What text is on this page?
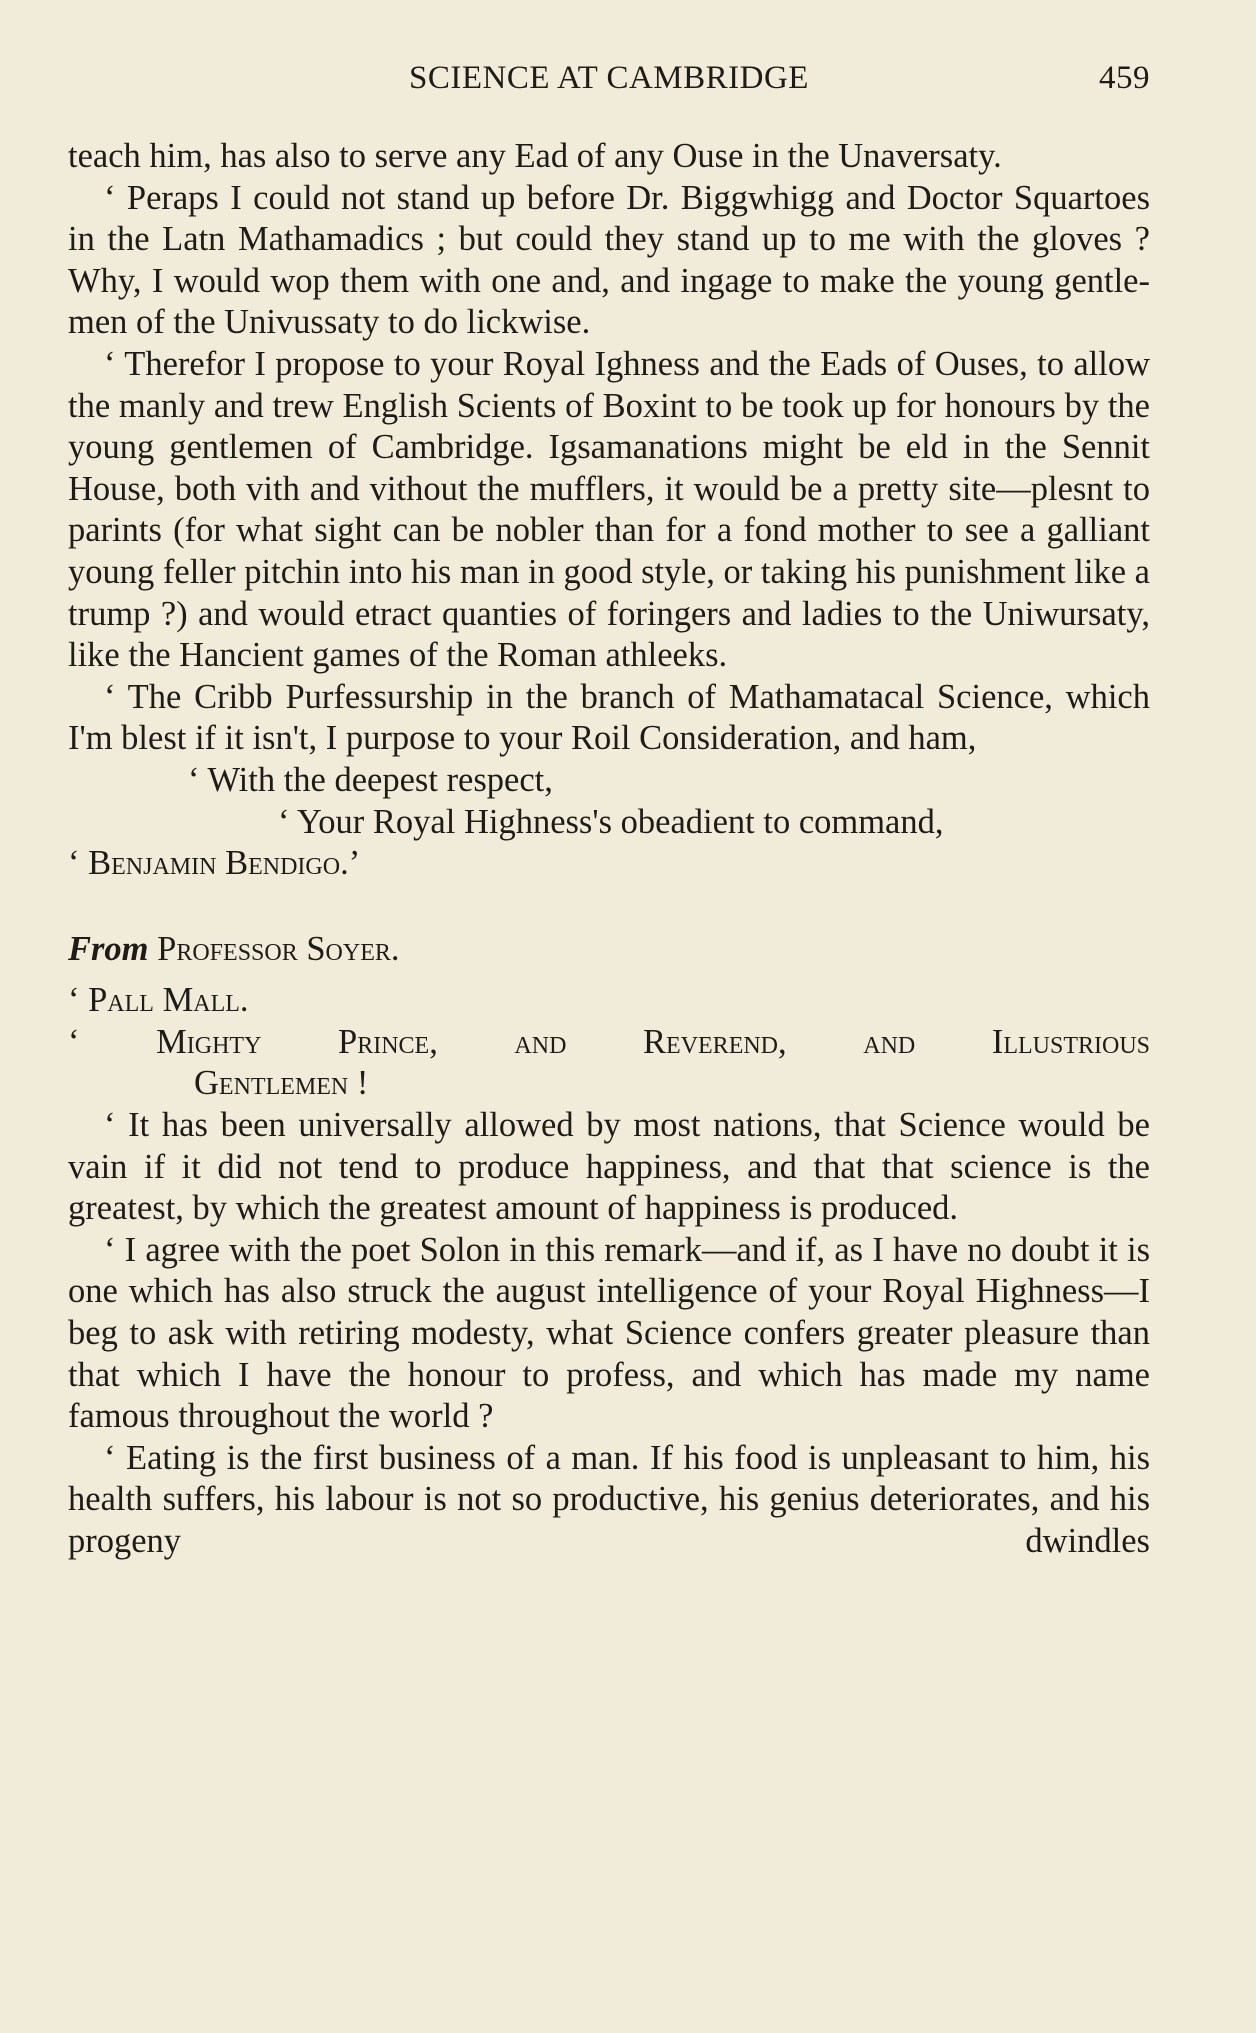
SCIENCE AT CAMBRIDGE	459

teach him, has also to serve any Ead of any Ouse in the Unaversaty.

‘ Peraps I could not stand up before Dr. Biggwhigg and Doctor Squartoes in the Latn Mathamadics ; but could they stand up to me with the gloves ? Why, I would wop them with one and, and ingage to make the young gentlemen of the Univussaty to do lickwise.

‘ Therefor I propose to your Royal Ighness and the Eads of Ouses, to allow the manly and trew English Scients of Boxint to be took up for honours by the young gentlemen of Cambridge. Igsamanations might be eld in the Sennit House, both vith and vithout the mufflers, it would be a pretty site—plesnt to parints (for what sight can be nobler than for a fond mother to see a galliant young feller pitchin into his man in good style, or taking his punishment like a trump ?) and would etract quanties of foringers and ladies to the Uniwursaty, like the Hancient games of the Roman athleeks.

‘ The Cribb Purfessurship in the branch of Mathamatacal Science, which I'm blest if it isn't, I purpose to your Roil Consideration, and ham,

‘ With the deepest respect,

‘ Your Royal Highness's obeadient to command,

‘ Benjamin Bendigo.’

From Professor Soyer.

‘ Pall Mall.

‘ Mighty Prince, and Reverend, and Illustrious

Gentlemen !

‘ It has been universally allowed by most nations, that Science would be vain if it did not tend to produce happiness, and that that science is the greatest, by which the greatest amount of happiness is produced.

‘ I agree with the poet Solon in this remark—and if, as I have no doubt it is one which has also struck the august intelligence of your Royal Highness—I beg to ask with retiring modesty, what Science confers greater pleasure than that which I have the honour to profess, and which has made my name famous throughout the world ?

‘ Eating is the first business of a man. If his food is unpleasant to him, his health suffers, his labour is not so productive, his genius deteriorates, and his progeny dwindles
